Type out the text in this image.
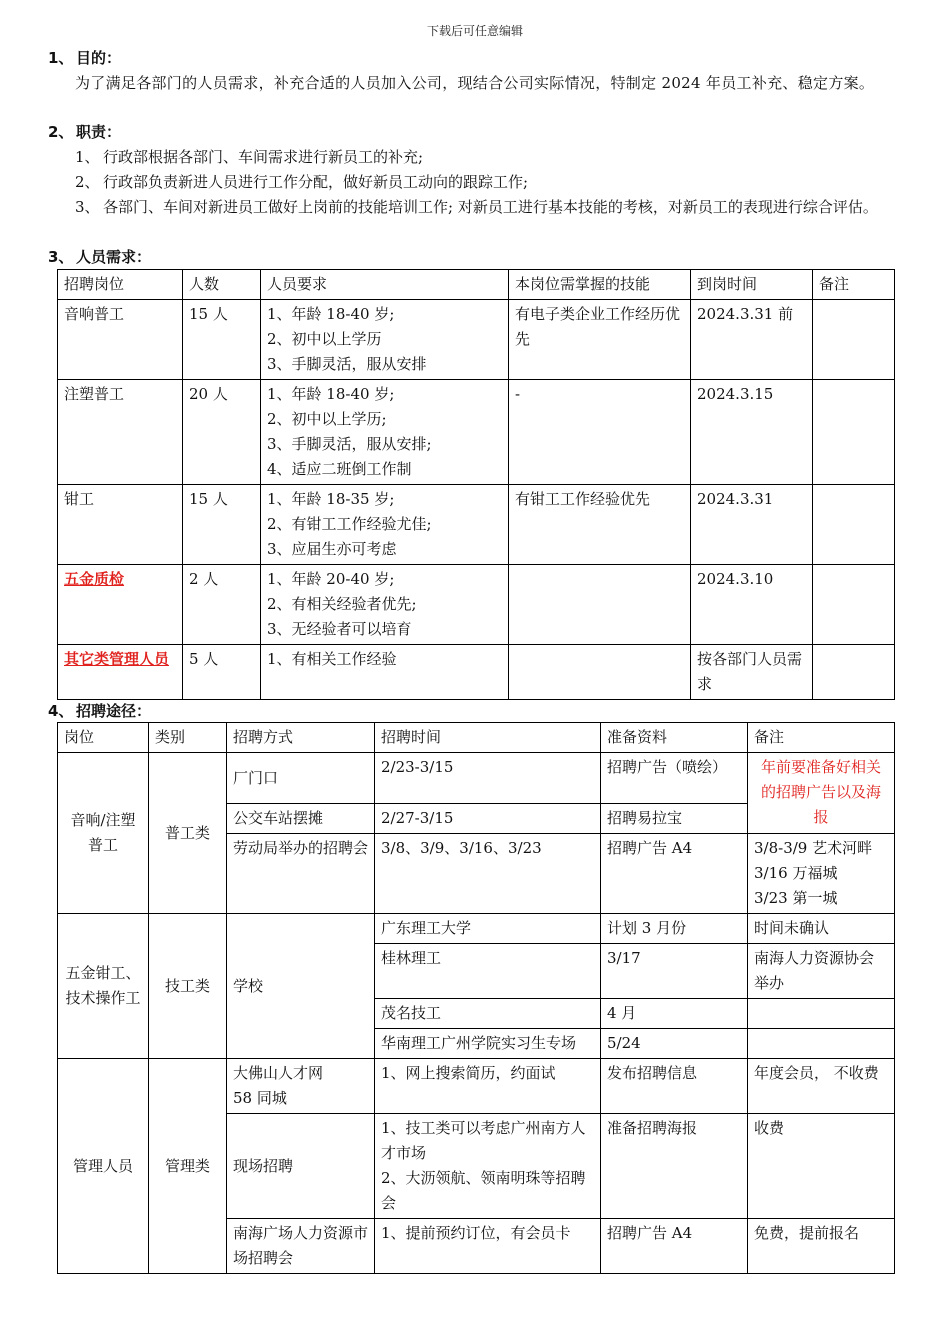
下载后可任意编辑
1、 目的：
为了满足各部门的人员需求，补充合适的人员加入公司，现结合公司实际情况，特制定 2024 年员工补充、稳定方案。
2、 职责：
1、 行政部根据各部门、车间需求进行新员工的补充;
2、 行政部负责新进人员进行工作分配，做好新员工动向的跟踪工作;
3、 各部门、车间对新进员工做好上岗前的技能培训工作; 对新员工进行基本技能的考核，对新员工的表现进行综合评估。
3、 人员需求：
招聘岗位	人数	人员要求	本岗位需掌握的技能	到岗时间	备注
音响普工	15 人	1、年龄 18-40 岁;
2、初中以上学历
3、手脚灵活，服从安排	有电子类企业工作经历优先	2024.3.31 前	
注塑普工	20 人	1、年龄 18-40 岁;
2、初中以上学历;
3、手脚灵活，服从安排;
4、适应二班倒工作制	-	2024.3.15	
钳工	15 人	1、年龄 18-35 岁;
2、有钳工工作经验尤佳;
3、应届生亦可考虑	有钳工工作经验优先	2024.3.31	
五金质检	2 人	1、年龄 20-40 岁;
2、有相关经验者优先;
3、无经验者可以培育		2024.3.10	
其它类管理人员	5 人	1、有相关工作经验		按各部门人员需求	
4、 招聘途径：
岗位	类别	招聘方式	招聘时间	准备资料	备注
音响/注塑普工	普工类	厂门口	2/23-3/15	招聘广告（喷绘）	年前要准备好相关的招聘广告以及海报
		公交车站摆摊	2/27-3/15	招聘易拉宝	
		劳动局举办的招聘会	3/8、3/9、3/16、3/23	招聘广告 A4	3/8-3/9 艺术河畔
3/16 万福城
3/23 第一城

五金钳工、技术操作工	技工类	学校	广东理工大学	计划 3 月份	时间未确认
			桂林理工	3/17	南海人力资源协会举办
			茂名技工	4 月	
			华南理工广州学院实习生专场	5/24	
管理人员	管理类	大佛山人才网
58 同城	1、网上搜索简历，约面试	发布招聘信息	年度会员， 不收费
		现场招聘	1、技工类可以考虑广州南方人才市场
2、大沥领航、领南明珠等招聘会	准备招聘海报	收费
		南海广场人力资源市场招聘会	1、提前预约订位，有会员卡	招聘广告 A4	免费，提前报名
